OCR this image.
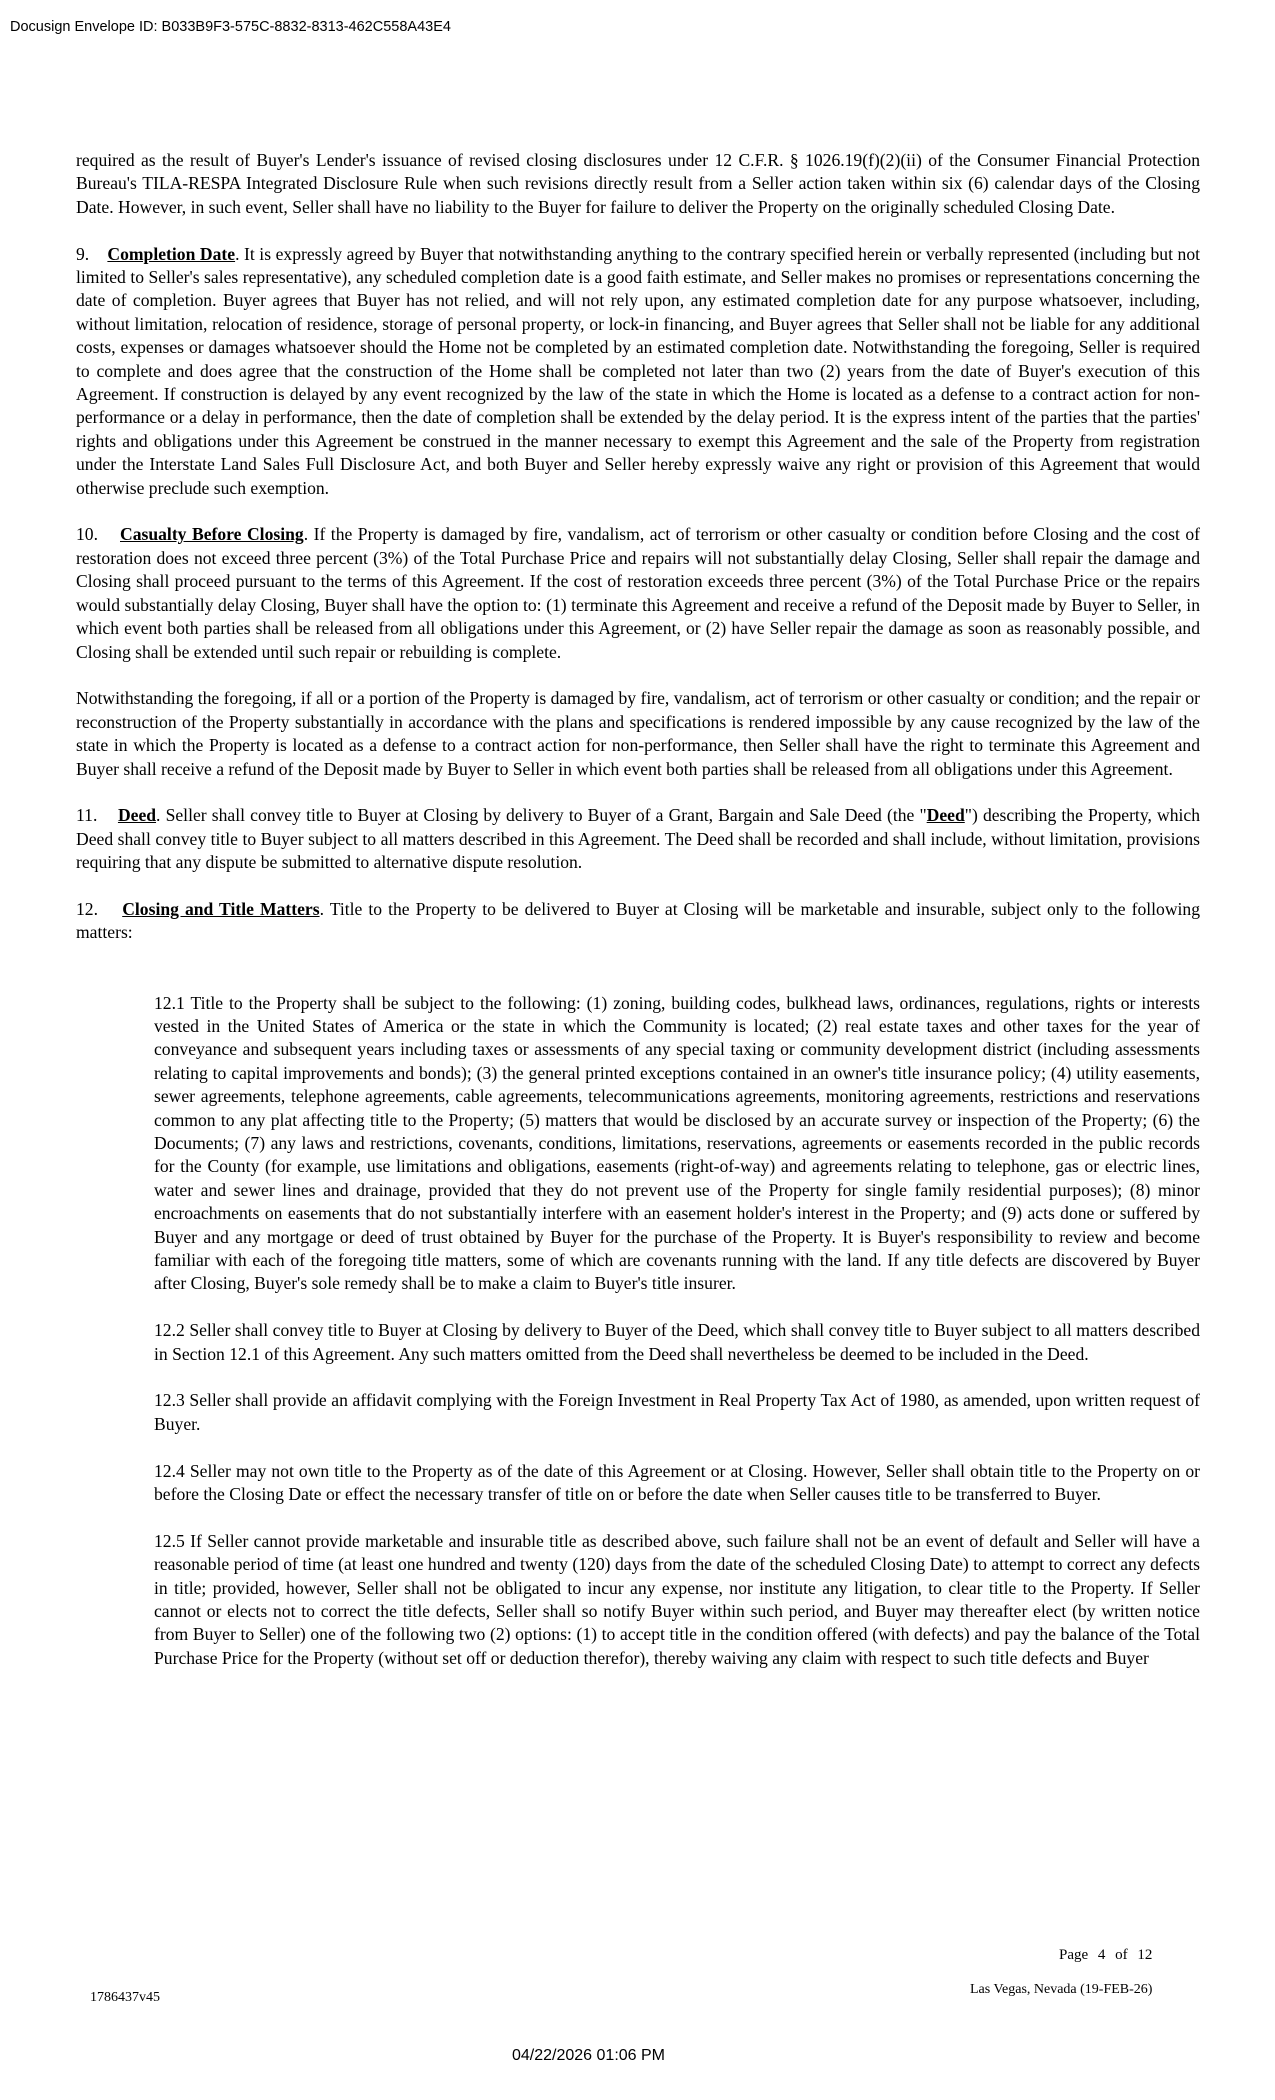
Docusign Envelope ID: B033B9F3-575C-8832-8313-462C558A43E4

required as the result of Buyer's Lender's issuance of revised closing disclosures under 12 C.F.R. § 1026.19(f)(2)(ii) of the Consumer Financial Protection Bureau's TILA-RESPA Integrated Disclosure Rule when such revisions directly result from a Seller action taken within six (6) calendar days of the Closing Date. However, in such event, Seller shall have no liability to the Buyer for failure to deliver the Property on the originally scheduled Closing Date.

9. Completion Date. It is expressly agreed by Buyer that notwithstanding anything to the contrary specified herein or verbally represented (including but not limited to Seller's sales representative), any scheduled completion date is a good faith estimate, and Seller makes no promises or representations concerning the date of completion. Buyer agrees that Buyer has not relied, and will not rely upon, any estimated completion date for any purpose whatsoever, including, without limitation, relocation of residence, storage of personal property, or lock-in financing, and Buyer agrees that Seller shall not be liable for any additional costs, expenses or damages whatsoever should the Home not be completed by an estimated completion date. Notwithstanding the foregoing, Seller is required to complete and does agree that the construction of the Home shall be completed not later than two (2) years from the date of Buyer's execution of this Agreement. If construction is delayed by any event recognized by the law of the state in which the Home is located as a defense to a contract action for non-performance or a delay in performance, then the date of completion shall be extended by the delay period. It is the express intent of the parties that the parties' rights and obligations under this Agreement be construed in the manner necessary to exempt this Agreement and the sale of the Property from registration under the Interstate Land Sales Full Disclosure Act, and both Buyer and Seller hereby expressly waive any right or provision of this Agreement that would otherwise preclude such exemption.

10. Casualty Before Closing. If the Property is damaged by fire, vandalism, act of terrorism or other casualty or condition before Closing and the cost of restoration does not exceed three percent (3%) of the Total Purchase Price and repairs will not substantially delay Closing, Seller shall repair the damage and Closing shall proceed pursuant to the terms of this Agreement. If the cost of restoration exceeds three percent (3%) of the Total Purchase Price or the repairs would substantially delay Closing, Buyer shall have the option to: (1) terminate this Agreement and receive a refund of the Deposit made by Buyer to Seller, in which event both parties shall be released from all obligations under this Agreement, or (2) have Seller repair the damage as soon as reasonably possible, and Closing shall be extended until such repair or rebuilding is complete.

Notwithstanding the foregoing, if all or a portion of the Property is damaged by fire, vandalism, act of terrorism or other casualty or condition; and the repair or reconstruction of the Property substantially in accordance with the plans and specifications is rendered impossible by any cause recognized by the law of the state in which the Property is located as a defense to a contract action for non-performance, then Seller shall have the right to terminate this Agreement and Buyer shall receive a refund of the Deposit made by Buyer to Seller in which event both parties shall be released from all obligations under this Agreement.

11. Deed. Seller shall convey title to Buyer at Closing by delivery to Buyer of a Grant, Bargain and Sale Deed (the "Deed") describing the Property, which Deed shall convey title to Buyer subject to all matters described in this Agreement. The Deed shall be recorded and shall include, without limitation, provisions requiring that any dispute be submitted to alternative dispute resolution.

12. Closing and Title Matters. Title to the Property to be delivered to Buyer at Closing will be marketable and insurable, subject only to the following matters:

12.1 Title to the Property shall be subject to the following: (1) zoning, building codes, bulkhead laws, ordinances, regulations, rights or interests vested in the United States of America or the state in which the Community is located; (2) real estate taxes and other taxes for the year of conveyance and subsequent years including taxes or assessments of any special taxing or community development district (including assessments relating to capital improvements and bonds); (3) the general printed exceptions contained in an owner's title insurance policy; (4) utility easements, sewer agreements, telephone agreements, cable agreements, telecommunications agreements, monitoring agreements, restrictions and reservations common to any plat affecting title to the Property; (5) matters that would be disclosed by an accurate survey or inspection of the Property; (6) the Documents; (7) any laws and restrictions, covenants, conditions, limitations, reservations, agreements or easements recorded in the public records for the County (for example, use limitations and obligations, easements (right-of-way) and agreements relating to telephone, gas or electric lines, water and sewer lines and drainage, provided that they do not prevent use of the Property for single family residential purposes); (8) minor encroachments on easements that do not substantially interfere with an easement holder's interest in the Property; and (9) acts done or suffered by Buyer and any mortgage or deed of trust obtained by Buyer for the purchase of the Property. It is Buyer's responsibility to review and become familiar with each of the foregoing title matters, some of which are covenants running with the land. If any title defects are discovered by Buyer after Closing, Buyer's sole remedy shall be to make a claim to Buyer's title insurer.

12.2 Seller shall convey title to Buyer at Closing by delivery to Buyer of the Deed, which shall convey title to Buyer subject to all matters described in Section 12.1 of this Agreement. Any such matters omitted from the Deed shall nevertheless be deemed to be included in the Deed.

12.3 Seller shall provide an affidavit complying with the Foreign Investment in Real Property Tax Act of 1980, as amended, upon written request of Buyer.

12.4 Seller may not own title to the Property as of the date of this Agreement or at Closing. However, Seller shall obtain title to the Property on or before the Closing Date or effect the necessary transfer of title on or before the date when Seller causes title to be transferred to Buyer.

12.5 If Seller cannot provide marketable and insurable title as described above, such failure shall not be an event of default and Seller will have a reasonable period of time (at least one hundred and twenty (120) days from the date of the scheduled Closing Date) to attempt to correct any defects in title; provided, however, Seller shall not be obligated to incur any expense, nor institute any litigation, to clear title to the Property. If Seller cannot or elects not to correct the title defects, Seller shall so notify Buyer within such period, and Buyer may thereafter elect (by written notice from Buyer to Seller) one of the following two (2) options: (1) to accept title in the condition offered (with defects) and pay the balance of the Total Purchase Price for the Property (without set off or deduction therefor), thereby waiving any claim with respect to such title defects and Buyer

Page 4 of 12
1786437v45
Las Vegas, Nevada (19-FEB-26)
04/22/2026 01:06 PM
